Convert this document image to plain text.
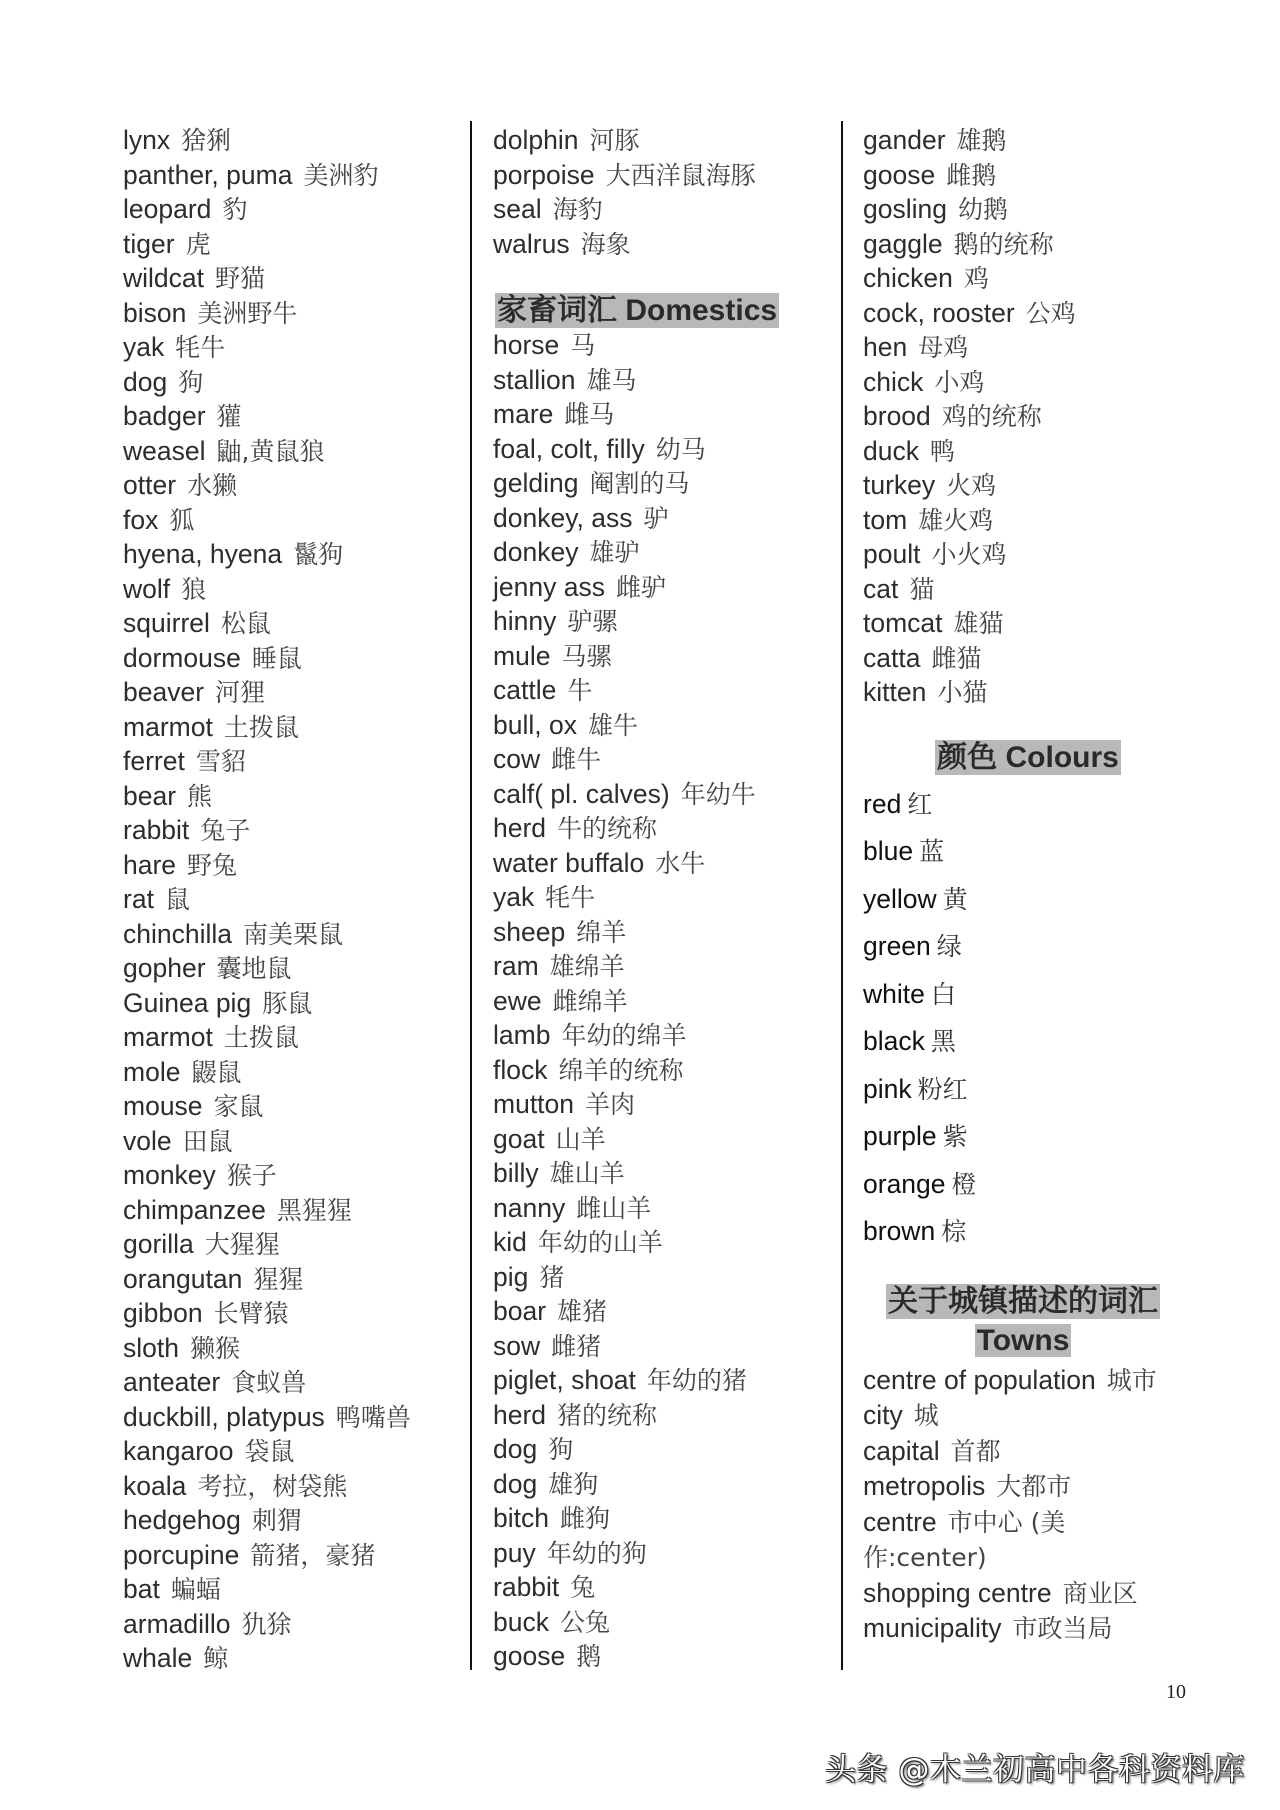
lynx 猞猁
panther, puma 美洲豹
leopard 豹
tiger 虎
wildcat 野猫
bison 美洲野牛
yak 牦牛
dog 狗
badger 獾
weasel 鼬,黄鼠狼
otter 水獭
fox 狐
hyena, hyena 鬣狗
wolf 狼
squirrel 松鼠
dormouse 睡鼠
beaver 河狸
marmot 土拨鼠
ferret 雪貂
bear 熊
rabbit 兔子
hare 野兔
rat 鼠
chinchilla 南美栗鼠
gopher 囊地鼠
Guinea pig 豚鼠
marmot 土拨鼠
mole 鼹鼠
mouse 家鼠
vole 田鼠
monkey 猴子
chimpanzee 黑猩猩
gorilla 大猩猩
orangutan 猩猩
gibbon 长臂猿
sloth 獭猴
anteater 食蚁兽
duckbill, platypus 鸭嘴兽
kangaroo 袋鼠
koala 考拉，树袋熊
hedgehog 刺猬
porcupine 箭猪，豪猪
bat 蝙蝠
armadillo 犰狳
whale 鲸
dolphin 河豚
porpoise 大西洋鼠海豚
seal 海豹
walrus 海象
家畜词汇 Domestics
horse 马
stallion 雄马
mare 雌马
foal, colt, filly 幼马
gelding 阉割的马
donkey, ass 驴
donkey 雄驴
jenny ass 雌驴
hinny 驴骡
mule 马骡
cattle 牛
bull, ox 雄牛
cow 雌牛
calf( pl. calves) 年幼牛
herd 牛的统称
water buffalo 水牛
yak 牦牛
sheep 绵羊
ram 雄绵羊
ewe 雌绵羊
lamb 年幼的绵羊
flock 绵羊的统称
mutton 羊肉
goat 山羊
billy 雄山羊
nanny 雌山羊
kid 年幼的山羊
pig 猪
boar 雄猪
sow 雌猪
piglet, shoat 年幼的猪
herd 猪的统称
dog 狗
dog 雄狗
bitch 雌狗
puy 年幼的狗
rabbit 兔
buck 公兔
goose 鹅
gander 雄鹅
goose 雌鹅
gosling 幼鹅
gaggle 鹅的统称
chicken 鸡
cock, rooster 公鸡
hen 母鸡
chick 小鸡
brood 鸡的统称
duck 鸭
turkey 火鸡
tom 雄火鸡
poult 小火鸡
cat 猫
tomcat 雄猫
catta 雌猫
kitten 小猫
颜色 Colours
red 红
blue 蓝
yellow 黄
green 绿
white 白
black 黑
pink 粉红
purple 紫
orange 橙
brown 棕
关于城镇描述的词汇
Towns
centre of population 城市
city 城
capital 首都
metropolis 大都市
centre 市中心 (美作:center)
shopping centre 商业区
municipality 市政当局
10
头条 @木兰初高中各科资料库
